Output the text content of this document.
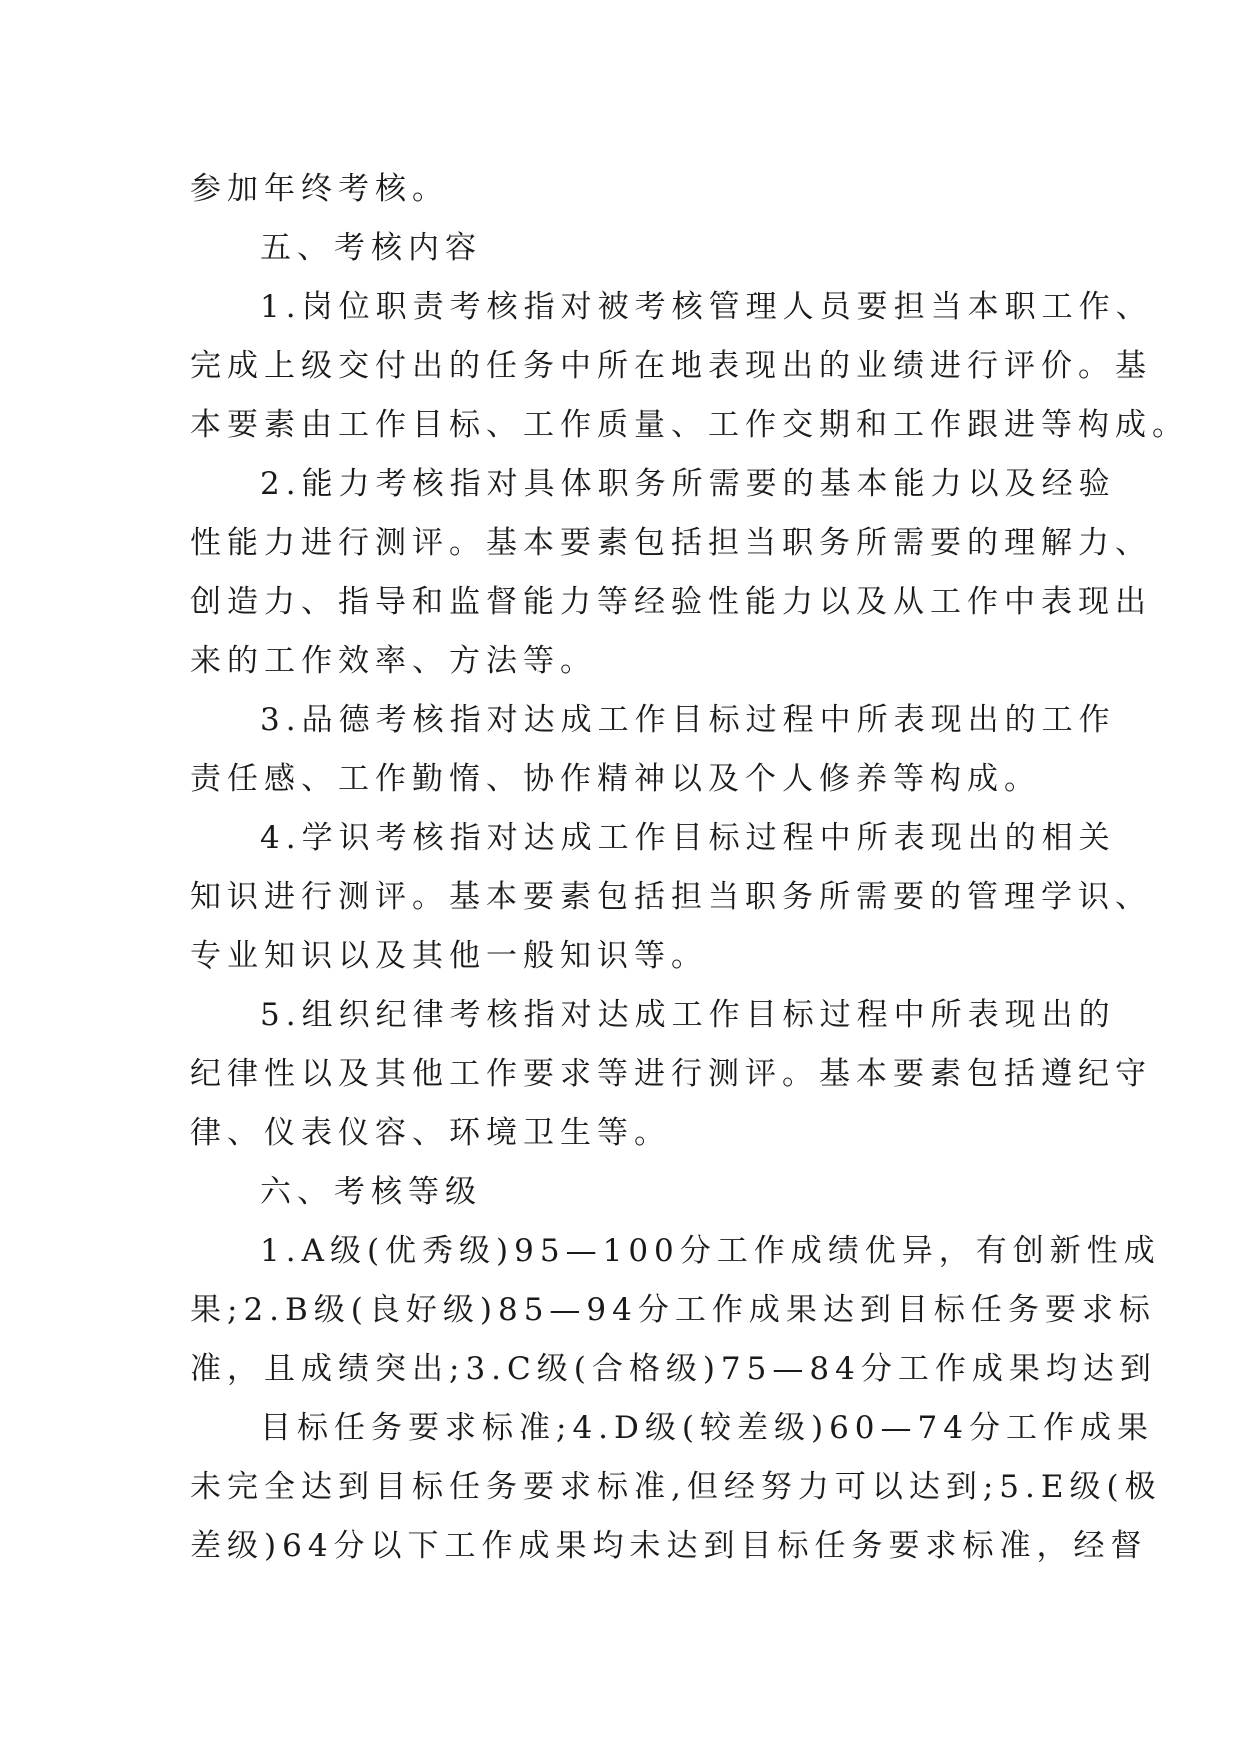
参加年终考核。
五、考核内容
1.岗位职责考核指对被考核管理人员要担当本职工作、
完成上级交付出的任务中所在地表现出的业绩进行评价。基
本要素由工作目标、工作质量、工作交期和工作跟进等构成。
2.能力考核指对具体职务所需要的基本能力以及经验
性能力进行测评。基本要素包括担当职务所需要的理解力、
创造力、指导和监督能力等经验性能力以及从工作中表现出
来的工作效率、方法等。
3.品德考核指对达成工作目标过程中所表现出的工作
责任感、工作勤惰、协作精神以及个人修养等构成。
4.学识考核指对达成工作目标过程中所表现出的相关
知识进行测评。基本要素包括担当职务所需要的管理学识、
专业知识以及其他一般知识等。
5.组织纪律考核指对达成工作目标过程中所表现出的
纪律性以及其他工作要求等进行测评。基本要素包括遵纪守
律、仪表仪容、环境卫生等。
六、考核等级
1.A级(优秀级)95—100分工作成绩优异，有创新性成
果;2.B级(良好级)85—94分工作成果达到目标任务要求标
准，且成绩突出;3.C级(合格级)75—84分工作成果均达到
目标任务要求标准;4.D级(较差级)60—74分工作成果
未完全达到目标任务要求标准,但经努力可以达到;5.E级(极
差级)64分以下工作成果均未达到目标任务要求标准，经督
